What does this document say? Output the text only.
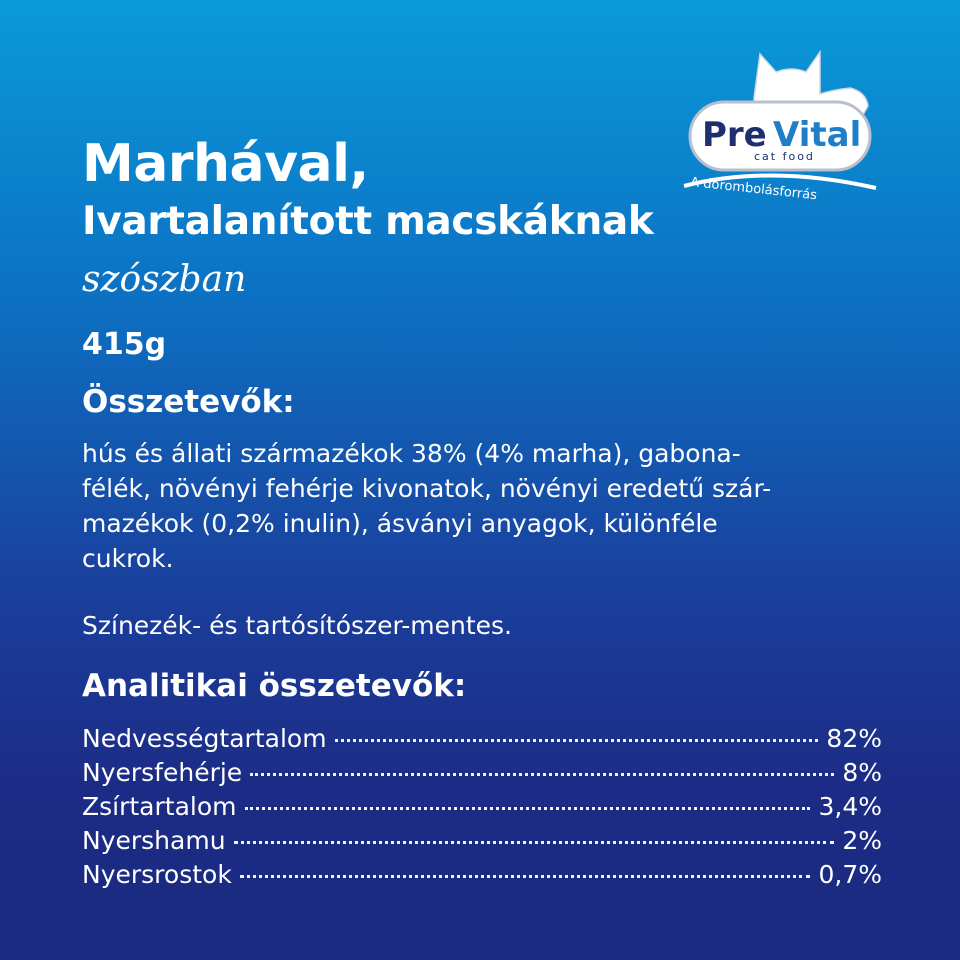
Pre Vital
cat food
A dorombolásforrás
Marhával,
Ivartalanított macskáknak
szószban
415g
Összetevők:
hús és állati származékok 38% (4% marha), gabona-
félék, növényi fehérje kivonatok, növényi eredetű szár-
mazékok (0,2% inulin), ásványi anyagok, különféle
cukrok.
Színezék- és tartósítószer-mentes.
Analitikai összetevők:
Nedvességtartalom	82%
Nyersfehérje	8%
Zsírtartalom	3,4%
Nyershamu	2%
Nyersrostok	0,7%
